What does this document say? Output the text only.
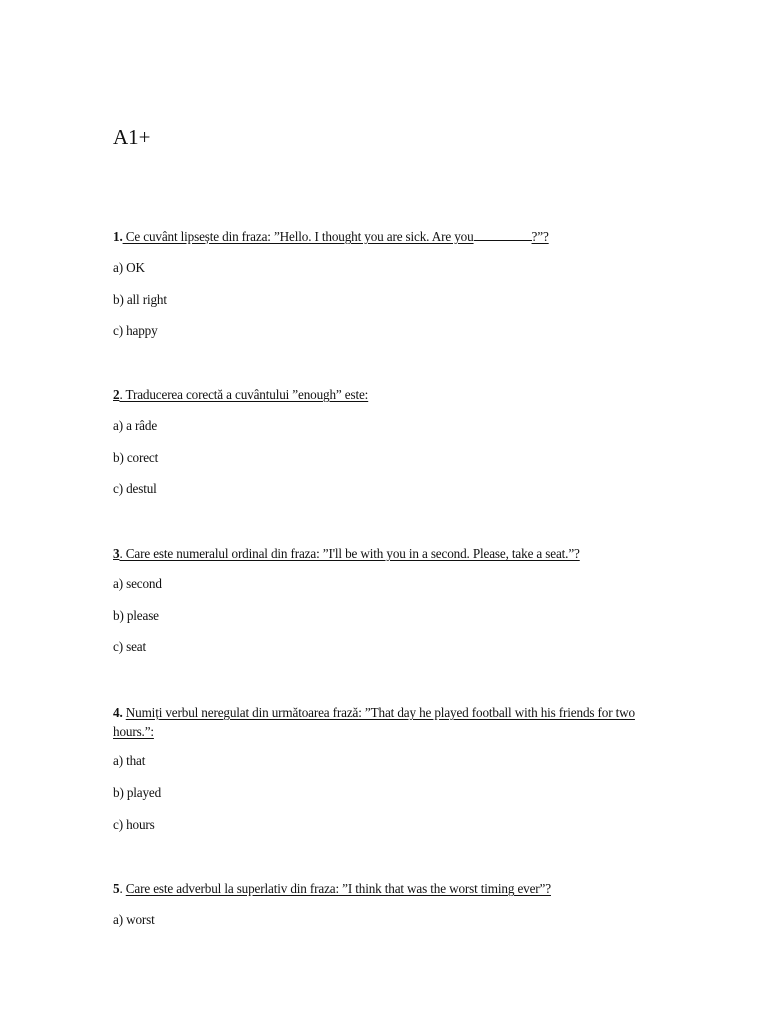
A1+
1. Ce cuvânt lipsește din fraza: ”Hello. I thought you are sick. Are you	?”?
a) OK
b) all right
c) happy
2. Traducerea corectă a cuvântului ”enough” este:
a) a râde
b) corect
c) destul
3. Care este numeralul ordinal din fraza: ”I'll be with you in a second. Please, take a seat.”?
a) second
b) please
c) seat
4. Numiți verbul neregulat din următoarea frază: ”That day he played football with his friends for two hours.”:
a) that
b) played
c) hours
5. Care este adverbul la superlativ din fraza: ”I think that was the worst timing ever”?
a) worst
